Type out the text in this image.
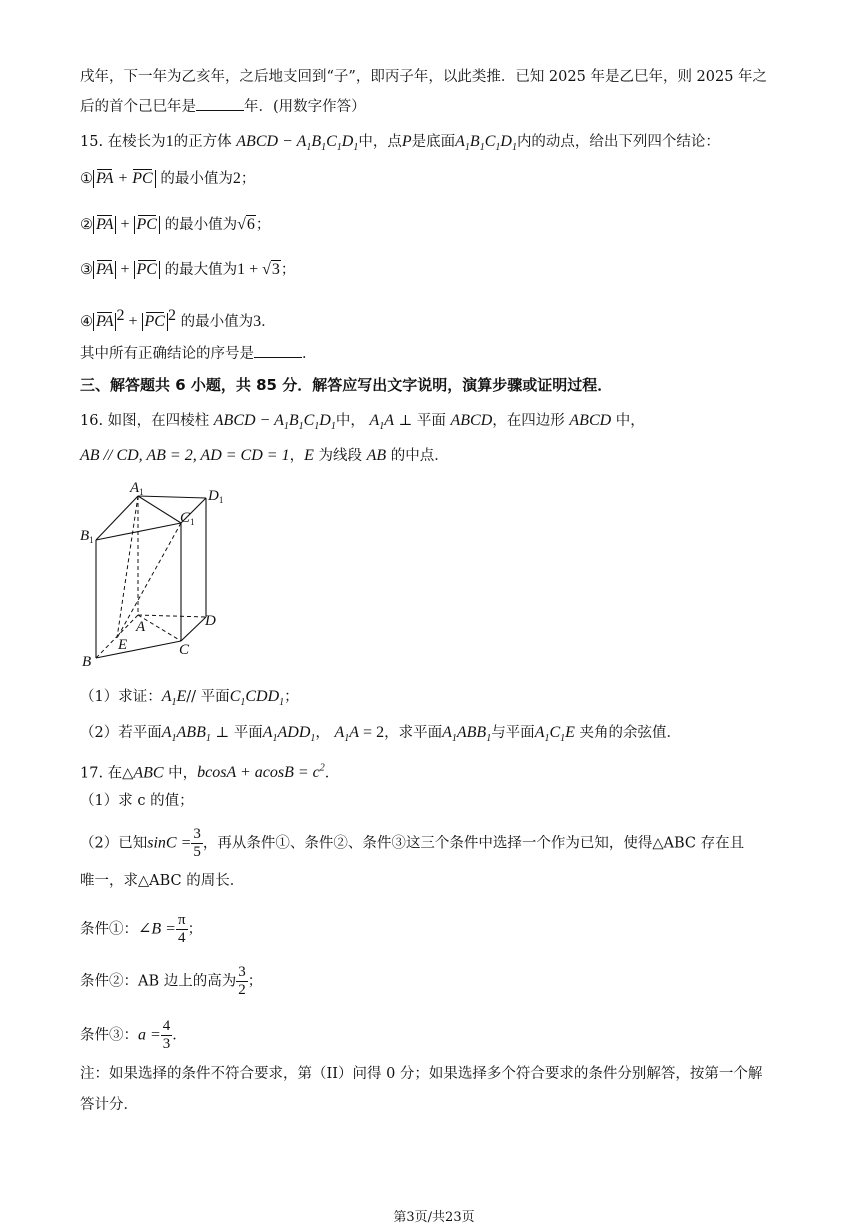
戌年，下一年为乙亥年，之后地支回到“子”，即丙子年，以此类推．已知 2025 年是乙巳年，则 2025 年之
后的首个己巳年是	年．(用数字作答）
15. 在棱长为1的正方体 ABCD − $A_1B_1C_1D_1$中，点P是底面$A_1B_1C_1D_1$内的动点，给出下列四个结论：
① PA + PC 的最小值为2；
② PA + PC 的最小值为√6；
③ PA + PC 的最大值为1 + √3；
④ PA $^2$ + PC $^2$ 的最小值为3．
其中所有正确结论的序号是	．
三、解答题共 6 小题，共 85 分．解答应写出文字说明，演算步骤或证明过程．
16. 如图，在四棱柱 ABCD − $A_1B_1C_1D_1$中， $A_1A$ ⊥ 平面 ABCD，在四边形 ABCD 中，
AB // CD, AB = 2, AD = CD = 1，E 为线段 AB 的中点．
$A_1$	$D_1$
$B_1$
$C_1$
A	D
E
B
C
（1）求证：$A_1E//$ 平面$C_1CDD_1$；
（2）若平面$A_1ABB_1$ ⊥ 平面$A_1ADD_1$， $A_1A = 2$，求平面$A_1ABB_1$与平面$A_1C_1E$ 夹角的余弦值．
17. 在△ABC 中，$bcosA + acosB = c^2$．
（1）求 c 的值；
（2）已知$\sin C = \frac{3}{5}$ ，再从条件①、条件②、条件③这三个条件中选择一个作为已知，使得△ABC 存在且
唯一，求△ABC 的周长．
条件①：∠B = $\frac{\pi}{4}$ ；
条件②：AB 边上的高为 $\frac{3}{2}$ ；
条件③：$a = \frac{4}{3}$ ．
注：如果选择的条件不符合要求，第（II）问得 0 分；如果选择多个符合要求的条件分别解答，按第一个解
答计分．
第3页/共23页
